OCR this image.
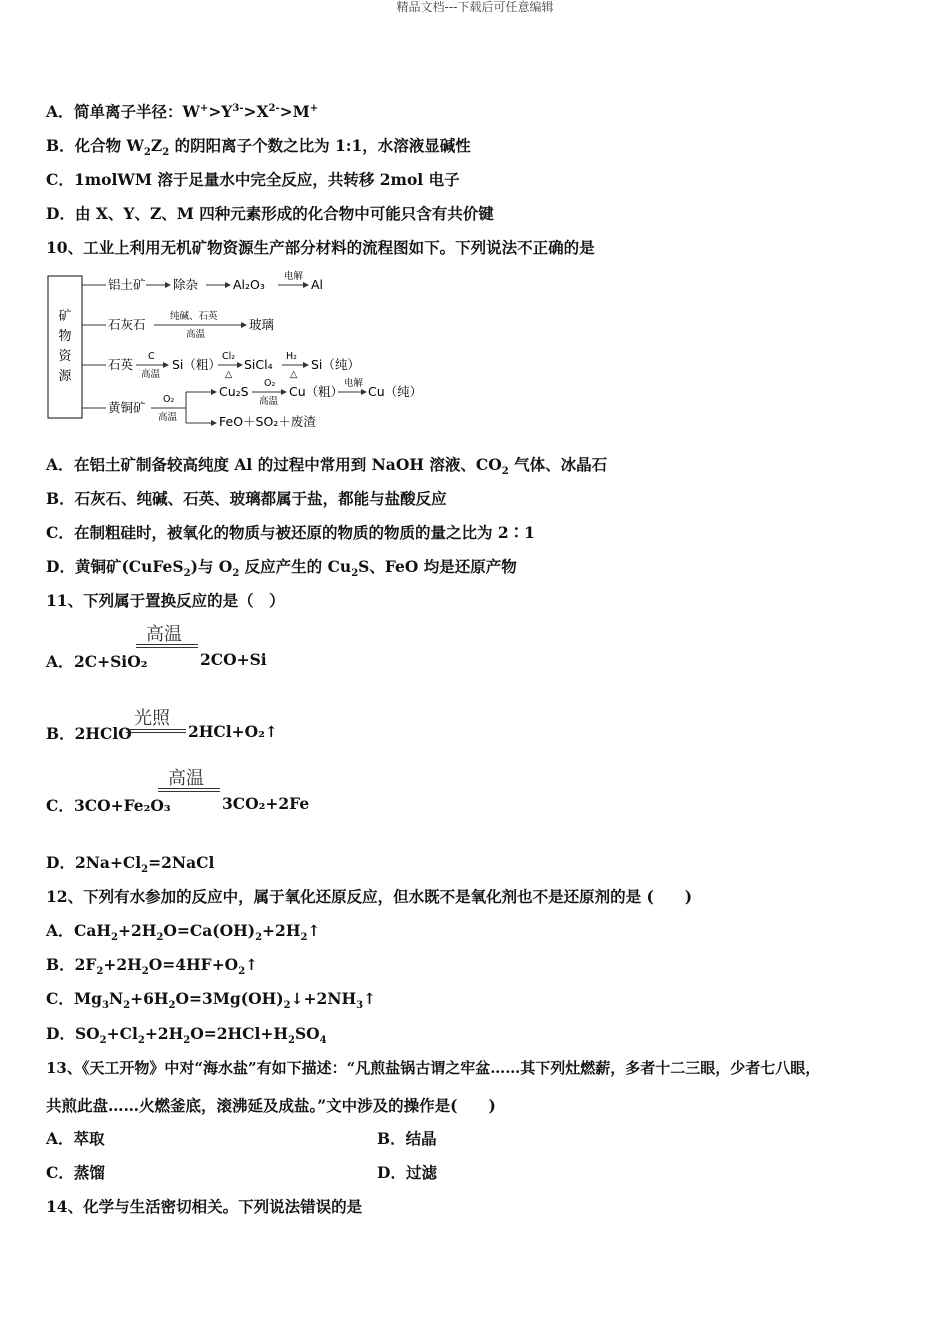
精品文档---下载后可任意编辑
A．简单离子半径：$W^+>Y^{3-}>X^{2-}>M^+$
B．化合物 $W_2Z_2$ 的阴阳离子个数之比为 1:1，水溶液显碱性
C．1molWM 溶于足量水中完全反应，共转移 2mol 电子
D．由 X、Y、Z、M 四种元素形成的化合物中可能只含有共价键
10、工业上利用无机矿物资源生产部分材料的流程图如下。下列说法不正确的是
矿
物
资
源
铝土矿 除杂	Al₂O₃
电解
Al
石灰石
纯碱、石英
高温
玻璃
石英
C
高温
Si（粗）
Cl₂
△
SiCl₄
H₂
△
Si（纯）
黄铜矿
O₂
高温
Cu₂S
O₂
高温
Cu（粗）
电解
Cu（纯）
FeO＋SO₂＋废渣
A．在铝土矿制备较高纯度 Al 的过程中常用到 NaOH 溶液、$CO_2$ 气体、冰晶石
B．石灰石、纯碱、石英、玻璃都属于盐，都能与盐酸反应
C．在制粗硅时，被氧化的物质与被还原的物质的物质的量之比为 2∶1
D．黄铜矿(CuFeS$_2$)与 $O_2$ 反应产生的 $Cu_2S$、FeO 均是还原产物
11、下列属于置换反应的是（　）
A．2C+SiO₂
高温
2CO+Si
B．2HClO
光照
2HCl+O₂↑
C．3CO+Fe₂O₃
高温
3CO₂+2Fe
D．$2Na+Cl_2=2NaCl$
12、下列有水参加的反应中，属于氧化还原反应，但水既不是氧化剂也不是还原剂的是 (　　)
A．$CaH_2+2H_2O=Ca(OH)_2+2H_2↑$
B．$2F_2+2H_2O=4HF+O_2↑$
C．$Mg_3N_2+6H_2O=3Mg(OH)_2↓+2NH_3↑$
D．$SO_2+Cl_2+2H_2O=2HCl+H_2SO_4$
13、《天工开物》中对“海水盐”有如下描述：“凡煎盐锅古谓之牢盆……其下列灶燃薪，多者十二三眼，少者七八眼，
共煎此盘……火燃釜底，滚沸延及成盐。”文中涉及的操作是(　　)
A．萃取	B．结晶
C．蒸馏	D．过滤
14、化学与生活密切相关。下列说法错误的是
